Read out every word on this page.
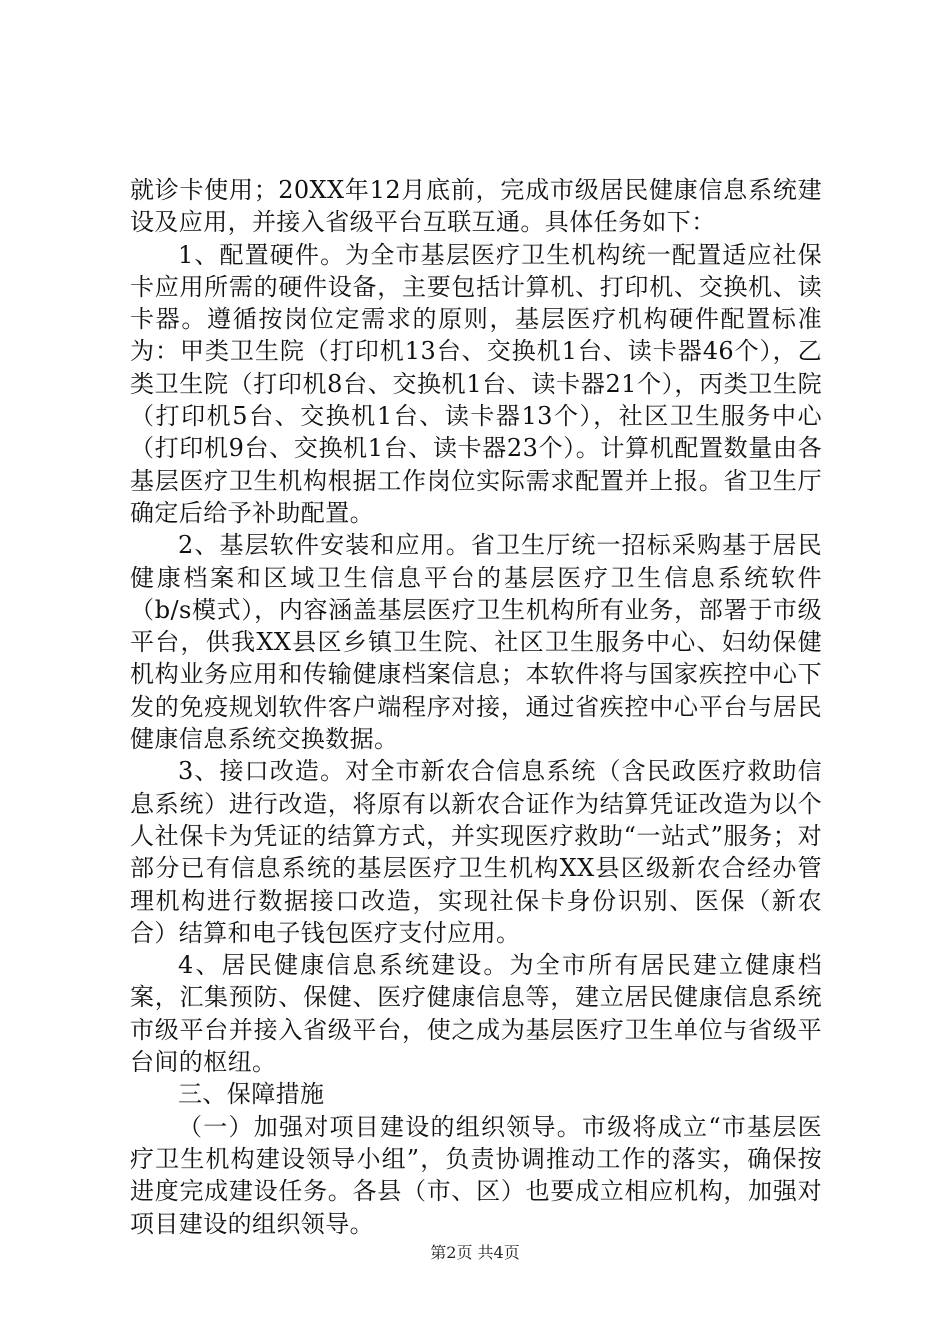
就诊卡使用；20XX年12月底前，完成市级居民健康信息系统建设及应用，并接入省级平台互联互通。具体任务如下：

1、配置硬件。为全市基层医疗卫生机构统一配置适应社保卡应用所需的硬件设备，主要包括计算机、打印机、交换机、读卡器。遵循按岗位定需求的原则，基层医疗机构硬件配置标准为：甲类卫生院（打印机13台、交换机1台、读卡器46个），乙类卫生院（打印机8台、交换机1台、读卡器21个），丙类卫生院（打印机5台、交换机1台、读卡器13个），社区卫生服务中心（打印机9台、交换机1台、读卡器23个）。计算机配置数量由各基层医疗卫生机构根据工作岗位实际需求配置并上报。省卫生厅确定后给予补助配置。

2、基层软件安装和应用。省卫生厅统一招标采购基于居民健康档案和区域卫生信息平台的基层医疗卫生信息系统软件（b/s模式），内容涵盖基层医疗卫生机构所有业务，部署于市级平台，供我XX县区乡镇卫生院、社区卫生服务中心、妇幼保健机构业务应用和传输健康档案信息；本软件将与国家疾控中心下发的免疫规划软件客户端程序对接，通过省疾控中心平台与居民健康信息系统交换数据。

3、接口改造。对全市新农合信息系统（含民政医疗救助信息系统）进行改造，将原有以新农合证作为结算凭证改造为以个人社保卡为凭证的结算方式，并实现医疗救助“一站式”服务；对部分已有信息系统的基层医疗卫生机构XX县区级新农合经办管理机构进行数据接口改造，实现社保卡身份识别、医保（新农合）结算和电子钱包医疗支付应用。

4、居民健康信息系统建设。为全市所有居民建立健康档案，汇集预防、保健、医疗健康信息等，建立居民健康信息系统市级平台并接入省级平台，使之成为基层医疗卫生单位与省级平台间的枢纽。

三、保障措施

（一）加强对项目建设的组织领导。市级将成立“市基层医疗卫生机构建设领导小组”，负责协调推动工作的落实，确保按进度完成建设任务。各县（市、区）也要成立相应机构，加强对项目建设的组织领导。

第2页 共4页
